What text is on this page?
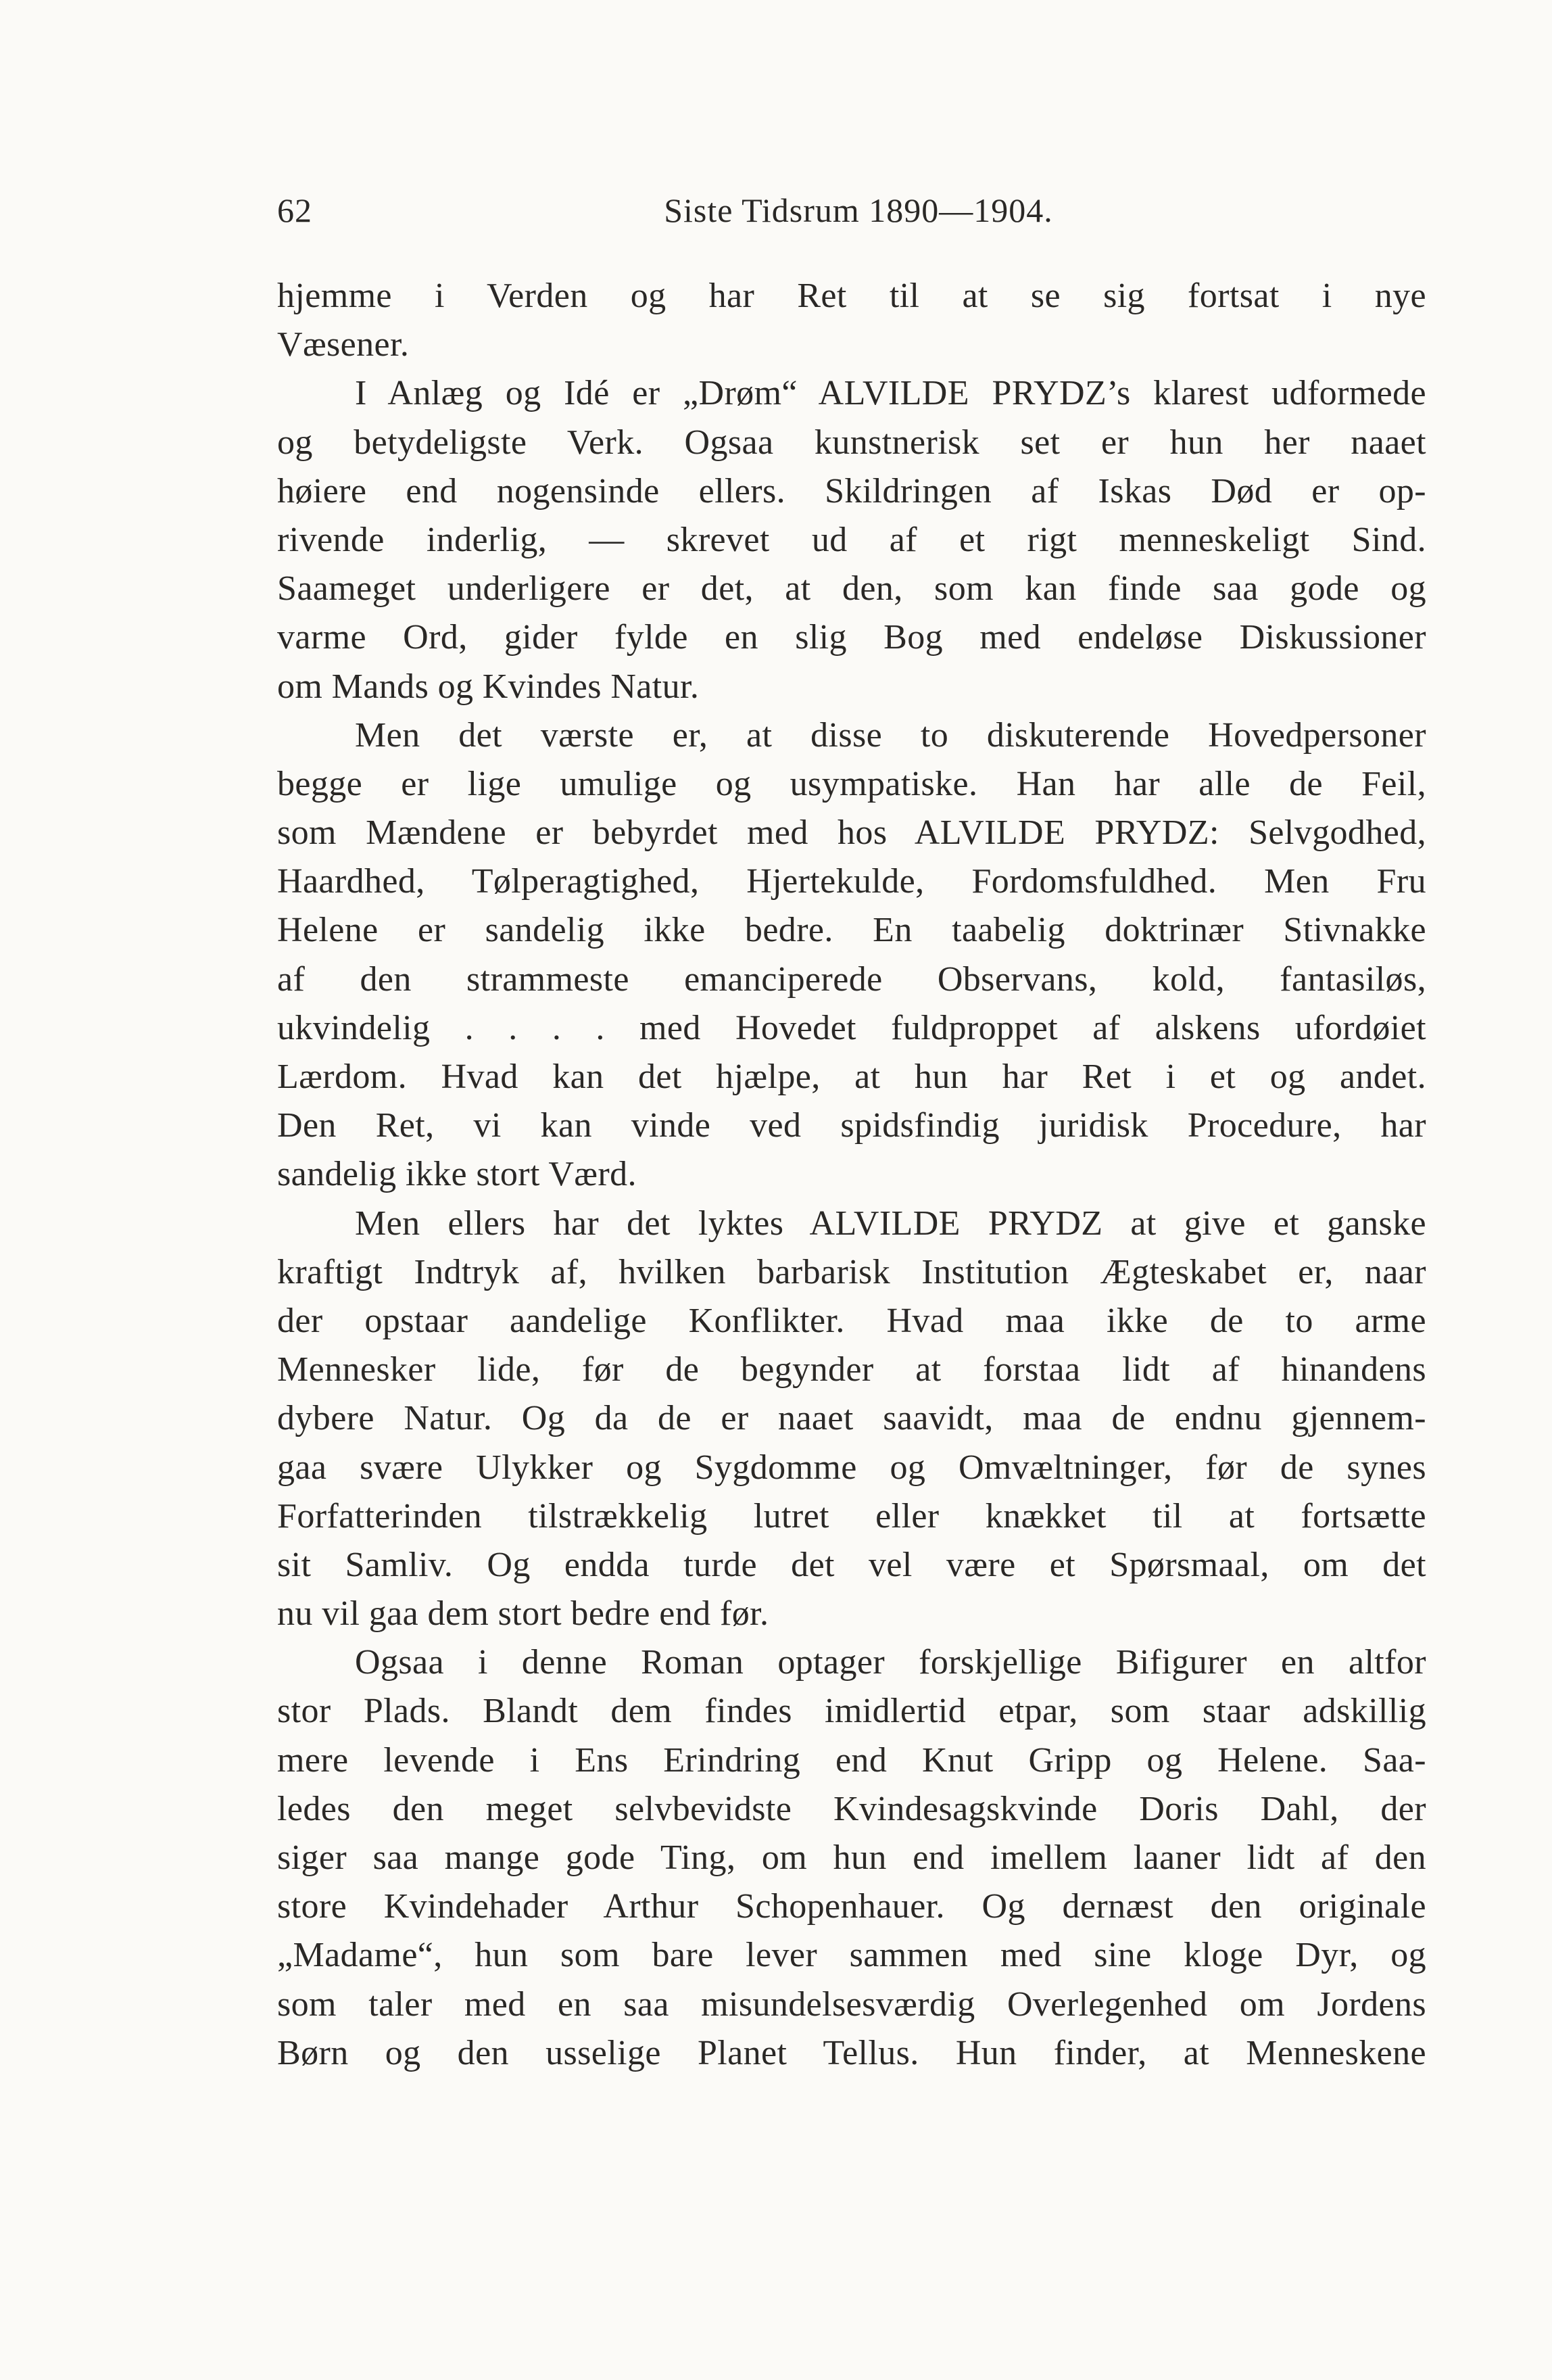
62	Siste Tidsrum 1890—1904.
hjemme i Verden og har Ret til at se sig fortsat i nye
Væsener.
I Anlæg og Idé er „Drøm“ ALVILDE PRYDZ’s klarest udformede
og betydeligste Verk. Ogsaa kunstnerisk set er hun her naaet
høiere end nogensinde ellers. Skildringen af Iskas Død er op-
rivende inderlig, — skrevet ud af et rigt menneskeligt Sind.
Saameget underligere er det, at den, som kan finde saa gode og
varme Ord, gider fylde en slig Bog med endeløse Diskussioner
om Mands og Kvindes Natur.
Men det værste er, at disse to diskuterende Hovedpersoner
begge er lige umulige og usympatiske. Han har alle de Feil,
som Mændene er bebyrdet med hos ALVILDE PRYDZ: Selvgodhed,
Haardhed, Tølperagtighed, Hjertekulde, Fordomsfuldhed. Men Fru
Helene er sandelig ikke bedre. En taabelig doktrinær Stivnakke
af den strammeste emanciperede Observans, kold, fantasiløs,
ukvindelig . . . . med Hovedet fuldproppet af alskens ufordøiet
Lærdom. Hvad kan det hjælpe, at hun har Ret i et og andet.
Den Ret, vi kan vinde ved spidsfindig juridisk Procedure, har
sandelig ikke stort Værd.
Men ellers har det lyktes ALVILDE PRYDZ at give et ganske
kraftigt Indtryk af, hvilken barbarisk Institution Ægteskabet er, naar
der opstaar aandelige Konflikter. Hvad maa ikke de to arme
Mennesker lide, før de begynder at forstaa lidt af hinandens
dybere Natur. Og da de er naaet saavidt, maa de endnu gjennem-
gaa svære Ulykker og Sygdomme og Omvæltninger, før de synes
Forfatterinden tilstrækkelig lutret eller knækket til at fortsætte
sit Samliv. Og endda turde det vel være et Spørsmaal, om det
nu vil gaa dem stort bedre end før.
Ogsaa i denne Roman optager forskjellige Bifigurer en altfor
stor Plads. Blandt dem findes imidlertid etpar, som staar adskillig
mere levende i Ens Erindring end Knut Gripp og Helene. Saa-
ledes den meget selvbevidste Kvindesagskvinde Doris Dahl, der
siger saa mange gode Ting, om hun end imellem laaner lidt af den
store Kvindehader Arthur Schopenhauer. Og dernæst den originale
„Madame“, hun som bare lever sammen med sine kloge Dyr, og
som taler med en saa misundelsesværdig Overlegenhed om Jordens
Børn og den usselige Planet Tellus. Hun finder, at Menneskene
